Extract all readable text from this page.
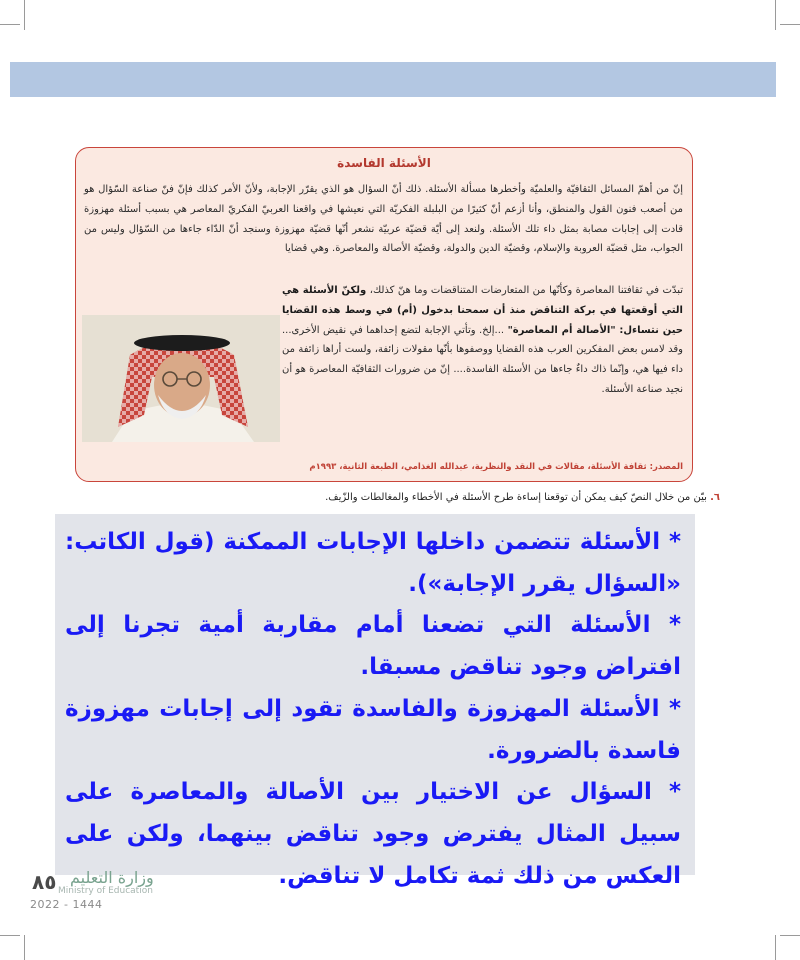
الأسئلة الفاسدة
إنّ من أهمّ المسائل الثقافيّة والعلميّة وأخطرها مسألة الأسئلة. ذلك أنّ السؤال هو الذي يقرّر الإجابة، ولأنّ الأمر كذلك فإنّ فنّ صناعة السّؤال هو من أصعب فنون القول والمنطق، وأنا أزعم أنّ كثيرًا من البلبلة الفكريّة التي نعيشها في واقعنا العربيّ الفكريّ المعاصر هي بسبب أسئلة مهزوزة قادت إلى إجابات مصابة بمثل داء تلك الأسئلة. ولنعد إلى أيّة قضيّة عربيّة نشعر أنّها قضيّة مهزوزة وسنجد أنّ الدّاء جاءها من السّؤال وليس من الجواب، مثل قضيّة العروبة والإسلام، وقضيّة الدين والدولة، وقضيّة الأصالة والمعاصرة. وهي قضايا
تبدّت في ثقافتنا المعاصرة وكأنّها من المتعارضات المتناقضات وما هنّ كذلك، ولكنّ الأسئلة هي التي أوقعتها في بركة التناقض منذ أن سمحنا بدخول (أم) في وسط هذه القضايا حين نتساءل: "الأصالة أم المعاصرة" ...إلخ. وتأتي الإجابة لتضع إحداهما في نقيض الأخرى... وقد لامس بعض المفكرين العرب هذه القضايا ووصفوها بأنّها مقولات زائفة، ولست أراها زائفة من داء فيها هي، وإنّما ذاك داءٌ جاءها من الأسئلة الفاسدة.... إنّ من ضرورات الثقافيّة المعاصرة هو أن نجيد صناعة الأسئلة.
المصدر: ثقافة الأسئلة، مقالات في النقد والنظرية، عبدالله الغذامي، الطبعة الثانية، ١٩٩٣م
٦. بيّن من خلال النصّ كيف يمكن أن توقعنا إساءة طرح الأسئلة في الأخطاء والمغالطات والزّيف.

* الأسئلة تتضمن داخلها الإجابات الممكنة (قول الكاتب: «السؤال يقرر الإجابة»).

* الأسئلة التي تضعنا أمام مقاربة أمية تجرنا إلى افتراض وجود تناقض مسبقا.

* الأسئلة المهزوزة والفاسدة تقود إلى إجابات مهزوزة فاسدة بالضرورة.

* السؤال عن الاختيار بين الأصالة والمعاصرة على سبيل المثال يفترض وجود تناقض بينهما، ولكن على العكس من ذلك ثمة تكامل لا تناقض.

٨٥ وزارة التعليم
Ministry of Education
2022 - 1444
